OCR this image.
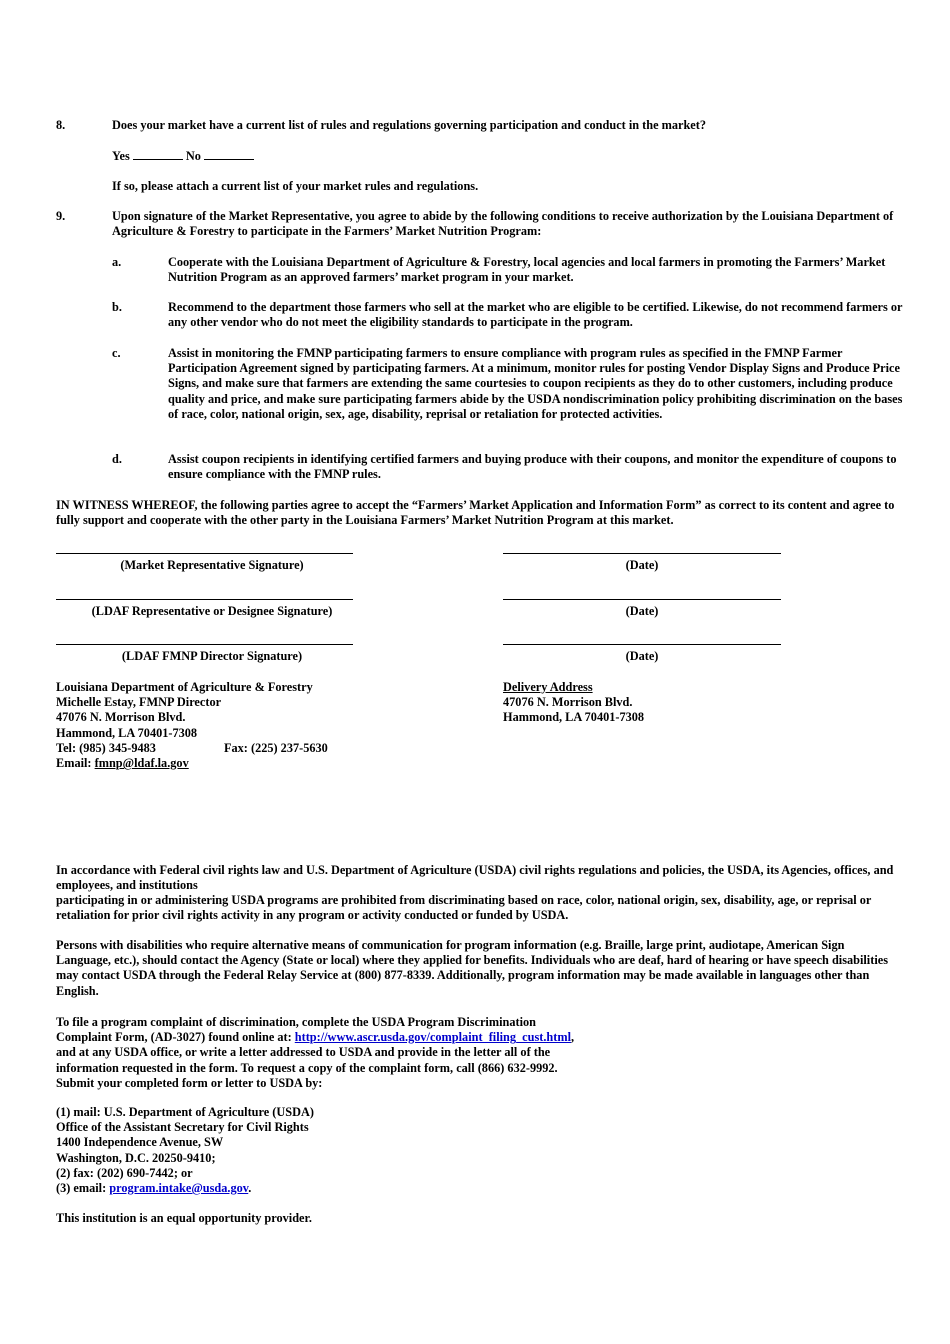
8.	Does your market have a current list of rules and regulations governing participation and conduct in the market?
Yes	No
If so, please attach a current list of your market rules and regulations.
9.	Upon signature of the Market Representative, you agree to abide by the following conditions to receive authorization by the Louisiana Department of Agriculture & Forestry to participate in the Farmers’ Market Nutrition Program:
a.	Cooperate with the Louisiana Department of Agriculture & Forestry, local agencies and local farmers in promoting the Farmers’ Market Nutrition Program as an approved farmers’ market program in your market.
b.	Recommend to the department those farmers who sell at the market who are eligible to be certified. Likewise, do not recommend farmers or any other vendor who do not meet the eligibility standards to participate in the program.
c.	Assist in monitoring the FMNP participating farmers to ensure compliance with program rules as specified in the FMNP Farmer Participation Agreement signed by participating farmers. At a minimum, monitor rules for posting Vendor Display Signs and Produce Price Signs, and make sure that farmers are extending the same courtesies to coupon recipients as they do to other customers, including produce quality and price, and make sure participating farmers abide by the USDA nondiscrimination policy prohibiting discrimination on the bases of race, color, national origin, sex, age, disability, reprisal or retaliation for protected activities.
d.	Assist coupon recipients in identifying certified farmers and buying produce with their coupons, and monitor the expenditure of coupons to ensure compliance with the FMNP rules.
IN WITNESS WHEREOF, the following parties agree to accept the “Farmers’ Market Application and Information Form” as correct to its content and agree to fully support and cooperate with the other party in the Louisiana Farmers’ Market Nutrition Program at this market.
(Market Representative Signature)	(Date)
(LDAF Representative or Designee Signature)	(Date)
(LDAF FMNP Director Signature)	(Date)
Louisiana Department of Agriculture & Forestry
Michelle Estay, FMNP Director
47076 N. Morrison Blvd.
Hammond, LA 70401-7308
Tel: (985) 345-9483	Fax: (225) 237-5630
Email: fmnp@ldaf.la.gov
Delivery Address
47076 N. Morrison Blvd.
Hammond, LA 70401-7308
In accordance with Federal civil rights law and U.S. Department of Agriculture (USDA) civil rights regulations and policies, the USDA, its Agencies, offices, and employees, and institutions
participating in or administering USDA programs are prohibited from discriminating based on race, color, national origin, sex, disability, age, or reprisal or retaliation for prior civil rights activity in any program or activity conducted or funded by USDA.
Persons with disabilities who require alternative means of communication for program information (e.g. Braille, large print, audiotape, American Sign Language, etc.), should contact the Agency (State or local) where they applied for benefits. Individuals who are deaf, hard of hearing or have speech disabilities may contact USDA through the Federal Relay Service at (800) 877-8339. Additionally, program information may be made available in languages other than English.
To file a program complaint of discrimination, complete the USDA Program Discrimination
Complaint Form, (AD-3027) found online at: http://www.ascr.usda.gov/complaint_filing_cust.html,
and at any USDA office, or write a letter addressed to USDA and provide in the letter all of the
information requested in the form. To request a copy of the complaint form, call (866) 632-9992.
Submit your completed form or letter to USDA by:
(1) mail: U.S. Department of Agriculture (USDA)
Office of the Assistant Secretary for Civil Rights
1400 Independence Avenue, SW
Washington, D.C. 20250-9410;
(2) fax: (202) 690-7442; or
(3) email: program.intake@usda.gov.
This institution is an equal opportunity provider.
